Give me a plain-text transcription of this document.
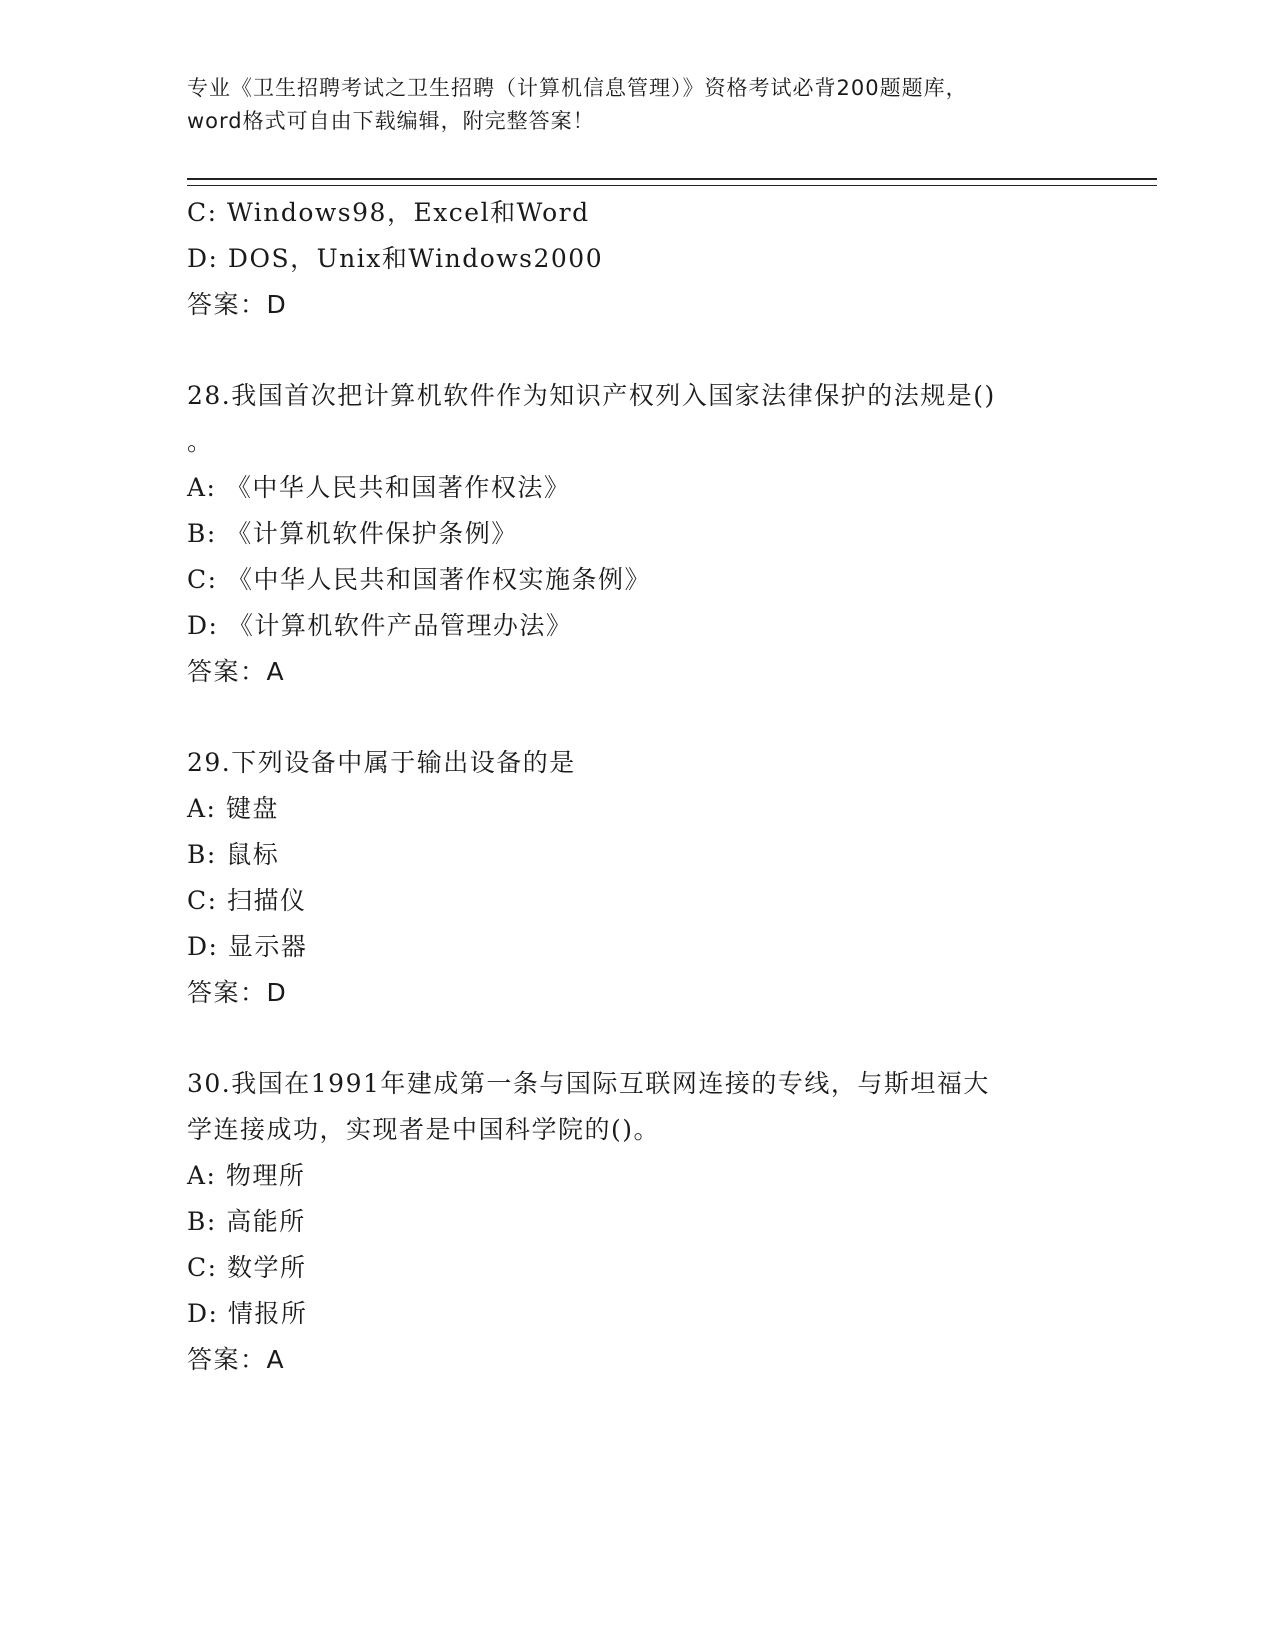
专业《卫生招聘考试之卫生招聘（计算机信息管理）》资格考试必背200题题库，
word格式可自由下载编辑，附完整答案！
C: Windows98，Excel和Word
D: DOS，Unix和Windows2000
答案：D
28.我国首次把计算机软件作为知识产权列入国家法律保护的法规是()
。
A: 《中华人民共和国著作权法》
B: 《计算机软件保护条例》
C: 《中华人民共和国著作权实施条例》
D: 《计算机软件产品管理办法》
答案：A
29.下列设备中属于输出设备的是
A: 键盘
B: 鼠标
C: 扫描仪
D: 显示器
答案：D
30.我国在1991年建成第一条与国际互联网连接的专线，与斯坦福大
学连接成功，实现者是中国科学院的()。
A: 物理所
B: 高能所
C: 数学所
D: 情报所
答案：A
